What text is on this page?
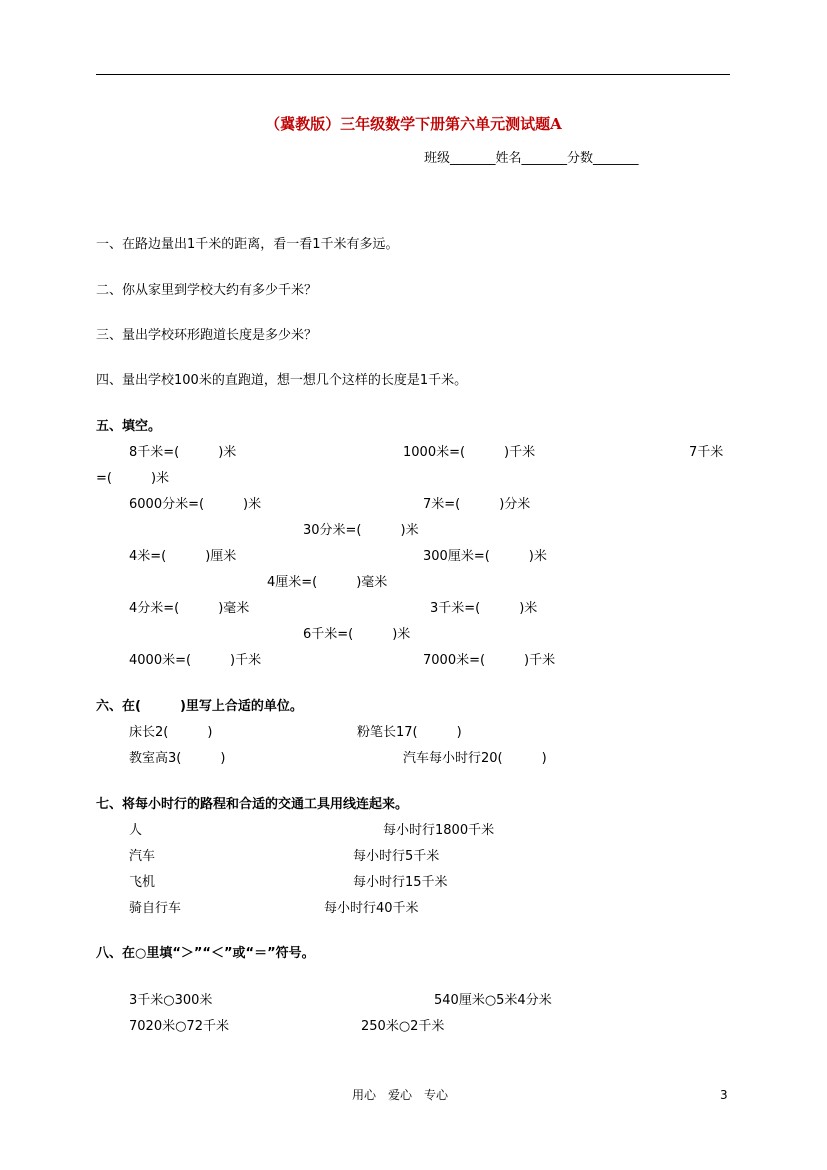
（冀教版）三年级数学下册第六单元测试题A
班级_______姓名_______分数_______
一、在路边量出1千米的距离，看一看1千米有多远。
二、你从家里到学校大约有多少千米？
三、量出学校环形跑道长度是多少米？
四、量出学校100米的直跑道，想一想几个这样的长度是1千米。
五、填空。
8千米=(　　　)米	1000米=(　　　)千米	7千米
=(　　　)米
6000分米=(　　　)米	7米=(　　　)分米
30分米=(　　　)米
4米=(　　　)厘米	300厘米=(　　　)米
4厘米=(　　　)毫米
4分米=(　　　)毫米	3千米=(　　　)米
6千米=(　　　)米
4000米=(　　　)千米	7000米=(　　　)千米
六、在(　　　)里写上合适的单位。
床长2(　　　)	粉笔长17(　　　)
教室高3(　　　)	汽车每小时行20(　　　)
七、将每小时行的路程和合适的交通工具用线连起来。
人	每小时行1800千米
汽车	每小时行5千米
飞机	每小时行15千米
骑自行车	每小时行40千米
八、在○里填“＞”“＜”或“＝”符号。
3千米○300米	540厘米○5米4分米
7020米○72千米	250米○2千米
用心　爱心　专心	3
